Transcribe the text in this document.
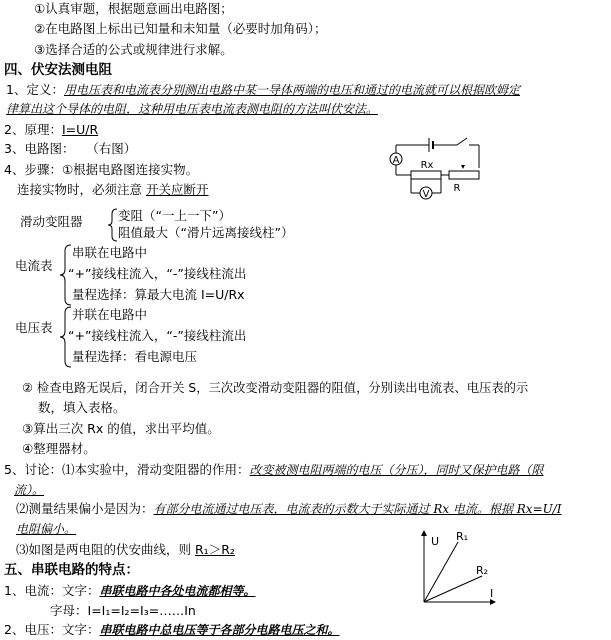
①认真审题，根据题意画出电路图；
②在电路图上标出已知量和未知量（必要时加角码）；
③选择合适的公式或规律进行求解。
四、伏安法测电阻
1、定义：用电压表和电流表分别测出电路中某一导体两端的电压和通过的电流就可以根据欧姆定
律算出这个导体的电阻，这种用电压表电流表测电阻的方法叫伏安法。
2、原理：I=U/R
3、电路图： （右图）
4、步骤：①根据电路图连接实物。
连接实物时，必须注意 开关应断开
滑动变阻器	变阻（“一上一下”）
阻值最大（“滑片远离接线柱”）
电流表
串联在电路中
“+”接线柱流入，“-”接线柱流出
量程选择：算最大电流 I=U/Rx
电压表
并联在电路中
“+”接线柱流入，“-”接线柱流出
量程选择：看电源电压
② 检查电路无误后，闭合开关 S，三次改变滑动变阻器的阻值，分别读出电流表、电压表的示
数，填入表格。
③算出三次 Rx 的值，求出平均值。
④整理器材。
5、讨论：⑴本实验中，滑动变阻器的作用：改变被测电阻两端的电压（分压），同时又保护电路（限
流）。
⑵测量结果偏小是因为：有部分电流通过电压表，电流表的示数大于实际通过 Rx 电流。根据 Rx=U/I
电阻偏小。
⑶如图是两电阻的伏安曲线，则 R₁＞R₂
五、串联电路的特点：
1、电流：文字：串联电路中各处电流都相等。
字母：I=I₁=I₂=I₃=……In
2、电压：文字：串联电路中总电压等于各部分电路电压之和。
A Rx
R
V
U R₁
R₂
I
